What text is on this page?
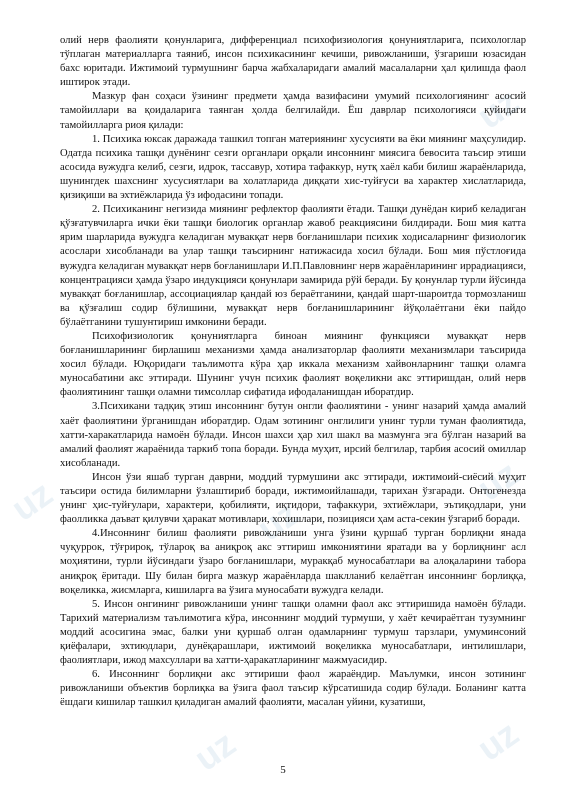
uz
uz	uz
uz
uz	uz

олий нерв фаолияти қонунларига, дифференциал психофизиология қонуниятларига, психологлар тўплаган материалларга таяниб, инсон психикасининг кечиши, ривожланиши, ўзгариши юзасидан бахс юритади. Ижтимоий турмушнинг барча жабхаларидаги амалий масалаларни ҳал қилишда фаол иштирок этади.

Мазкур фан соҳаси ўзининг предмети ҳамда вазифасини умумий психологиянинг асосий тамойиллари ва қоидаларига таянган ҳолда белгилайди. Ёш даврлар психологияси қуйидаги тамойилларга риоя қилади:

1. Психика юксак даражада ташкил топган материянинг хусусияти ва ёки миянинг маҳсулидир. Одатда психика ташқи дунёнинг сезги органлари орқали инсоннинг миясига бевосита таъсир этиши асосида вужудга келиб, сезги, идрок, тассавур, хотира тафаккур, нутқ хаёл каби билиш жараёнларида, шунингдек шахснинг хусусиятлари ва холатларида диққати хис-туйғуси ва характер хислатларида, қизиқиши ва эхтиёжларида ўз ифодасини топади.

2. Психиканинг негизида миянинг рефлектор фаолияти ётади. Ташқи дунёдан кириб келадиган қўзғатувчиларга ички ёки ташқи биологик органлар жавоб реакциясини билдиради. Бош мия катта ярим шарларида вужудга келадиган мувакқат нерв боғланишлари психик ходисаларнинг физиологик асослари хисобланади ва улар ташқи таъсирнинг натижасида хосил бўлади. Бош мия пўстлоғида вужудга келадиган мувакқат нерв боғланишлари И.П.Павловнинг нерв жараёнларининг иррадиацияси, концентрацияси ҳамда ўзаро индукцияси қонунлари замирида рўй беради. Бу қонунлар турли йўсинда мувакқат боғланишлар, ассоциациялар қандай юз бераётганини, қандай шарт-шароитда тормозланиш ва қўзғалиш содир бўлишини, мувакқат нерв боғланишларининг йўқолаётгани ёки пайдо бўлаётганини тушунтириш имконини беради.

Психофизиологик қонуниятларга биноан миянинг функцияси мувакқат нерв боғланишларининг бирлашиш механизми ҳамда анализаторлар фаолияти механизмлари таъсирида хосил бўлади. Юқоридаги таълимотга кўра ҳар иккала механизм хайвонларнинг ташқи оламга муносабатини акс эттиради. Шунинг учун психик фаолият воқеликни акс эттиришдан, олий нерв фаолиятининг ташқи оламни тимсоллар сифатида ифодаланишдан иборатдир.

3.Психикани тадқиқ этиш инсоннинг бутун онгли фаолиятини - унинг назарий ҳамда амалий хаёт фаолиятини ўрганишдан иборатдир. Одам зотининг онглилиги унинг турли туман фаолиятида, хатти-харакатларида намоён бўлади. Инсон шахси ҳар хил шакл ва мазмунга эга бўлган назарий ва амалий фаолият жараёнида таркиб топа боради. Бунда муҳит, ирсий белгилар, тарбия асосий омиллар хисобланади.

Инсон ўзи яшаб турган даврни, моддий турмушини акс эттиради, ижтимоий-сиёсий муҳит таъсири остида билимларни ўзлаштириб боради, ижтимоийлашади, тарихан ўзгаради. Онтогенезда унинг ҳис-туйғулари, характери, қобилияти, иқтидори, тафаккури, эхтиёжлари, эътиқодлари, уни фаолликка даъват қилувчи ҳаракат мотивлари, хохишлари, позицияси ҳам аста-секин ўзгариб боради.

4.Инсоннинг билиш фаолияти ривожланиши унга ўзини қуршаб турган борлиқни янада чуқуррок, тўғрироқ, тўлароқ ва аниқроқ акс эттириш имкониятини яратади ва у борлиқнинг асл моҳиятини, турли йўсиндаги ўзаро боғланишлари, муракқаб муносабатлари ва алоқаларини табора аниқроқ ёритади. Шу билан бирга мазкур жараёнларда шаклланиб келаётган инсоннинг борлиққа, воқеликка, жисмларга, кишиларга ва ўзига муносабати вужудга келади.

5. Инсон онгининг ривожланиши унинг ташқи оламни фаол акс эттиришида намоён бўлади. Тарихий материализм таълимотига кўра, инсоннинг моддий турмуши, у хаёт кечираётган тузумнинг моддий асосигина эмас, балки уни қуршаб олган одамларнинг турмуш тарзлари, умуминсоний қиёфалари, эхтиюдлари, дунёқарашлари, ижтимоий воқеликка муносабатлари, интилишлари, фаолиятлари, ижод махсуллари ва хатти-ҳаракатларининг мажмуасидир.

6. Инсоннинг борлиқни акс эттириши фаол жараёндир. Маълумки, инсон зотининг ривожланиши объектив борлиқка ва ўзига фаол таъсир кўрсатишида содир бўлади. Боланинг катта ёшдаги кишилар ташкил қиладиган амалий фаолияти, масалан уйини, кузатиши,

5
